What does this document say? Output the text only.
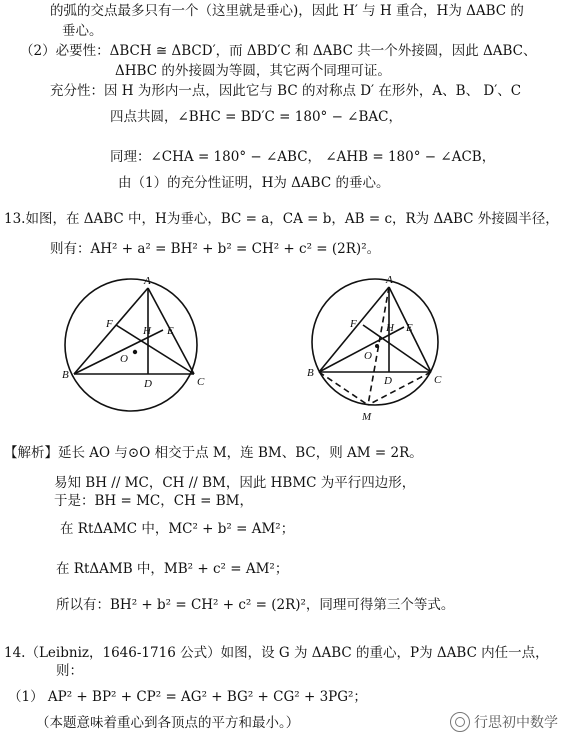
的弧的交点最多只有一个（这里就是垂心)，因此 H′ 与 H 重合，H为 ΔABC 的
垂心。
（2）必要性：ΔBCH ≅ ΔBCD′，而 ΔBD′C 和 ΔABC 共一个外接圆，因此 ΔABC、
ΔHBC 的外接圆为等圆，其它两个同理可证。
充分性：因 H 为形内一点，因此它与 BC 的对称点 D′ 在形外，A、B、 D′、C
四点共圆，∠BHC = BD′C = 180° − ∠BAC，
同理：∠CHA = 180° − ∠ABC， ∠AHB = 180° − ∠ACB，
由（1）的充分性证明，H为 ΔABC 的垂心。
13.如图，在 ΔABC 中，H为垂心，BC = a，CA = b，AB = c，R为 ΔABC 外接圆半径，
则有：AH² + a² = BH² + b² = CH² + c² = (2R)²。
【解析】延长 AO 与⊙O 相交于点 M，连 BM、BC，则 AM = 2R。
易知 BH // MC，CH // BM，因此 HBMC 为平行四边形，
于是：BH = MC，CH = BM，
在 RtΔAMC 中，MC² + b² = AM²；
在 RtΔAMB 中，MB² + c² = AM²；
所以有：BH² + b² = CH² + c² = (2R)²，同理可得第三个等式。
14.（Leibniz，1646-1716 公式）如图，设 G 为 ΔABC 的重心，P为 ΔABC 内任一点，
则：
（1） AP² + BP² + CP² = AG² + BG² + CG² + 3PG²；
（本题意味着重心到各顶点的平方和最小。）
A
B
C
D
E
F
H
O
A
B
C
D
E
F	H
O
M
行思初中数学
